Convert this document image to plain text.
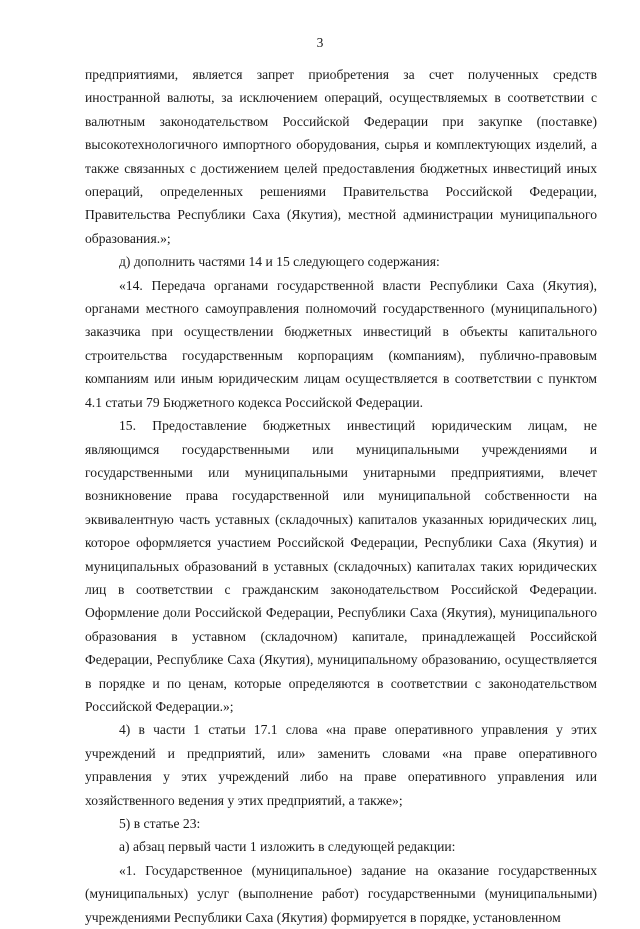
3

предприятиями, является запрет приобретения за счет полученных средств иностранной валюты, за исключением операций, осуществляемых в соответствии с валютным законодательством Российской Федерации при закупке (поставке) высокотехнологичного импортного оборудования, сырья и комплектующих изделий, а также связанных с достижением целей предоставления бюджетных инвестиций иных операций, определенных решениями Правительства Российской Федерации, Правительства Республики Саха (Якутия), местной администрации муниципального образования.»;

д) дополнить частями 14 и 15 следующего содержания:

«14. Передача органами государственной власти Республики Саха (Якутия), органами местного самоуправления полномочий государственного (муниципального) заказчика при осуществлении бюджетных инвестиций в объекты капитального строительства государственным корпорациям (компаниям), публично-правовым компаниям или иным юридическим лицам осуществляется в соответствии с пунктом 4.1 статьи 79 Бюджетного кодекса Российской Федерации.

15. Предоставление бюджетных инвестиций юридическим лицам, не являющимся государственными или муниципальными учреждениями и государственными или муниципальными унитарными предприятиями, влечет возникновение права государственной или муниципальной собственности на эквивалентную часть уставных (складочных) капиталов указанных юридических лиц, которое оформляется участием Российской Федерации, Республики Саха (Якутия) и муниципальных образований в уставных (складочных) капиталах таких юридических лиц в соответствии с гражданским законодательством Российской Федерации. Оформление доли Российской Федерации, Республики Саха (Якутия), муниципального образования в уставном (складочном) капитале, принадлежащей Российской Федерации, Республике Саха (Якутия), муниципальному образованию, осуществляется в порядке и по ценам, которые определяются в соответствии с законодательством Российской Федерации.»;

4) в части 1 статьи 17.1 слова «на праве оперативного управления у этих учреждений и предприятий, или» заменить словами «на праве оперативного управления у этих учреждений либо на праве оперативного управления или хозяйственного ведения у этих предприятий, а также»;

5) в статье 23:

а) абзац первый части 1 изложить в следующей редакции:

«1. Государственное (муниципальное) задание на оказание государственных (муниципальных) услуг (выполнение работ) государственными (муниципальными) учреждениями Республики Саха (Якутия) формируется в порядке, установленном
